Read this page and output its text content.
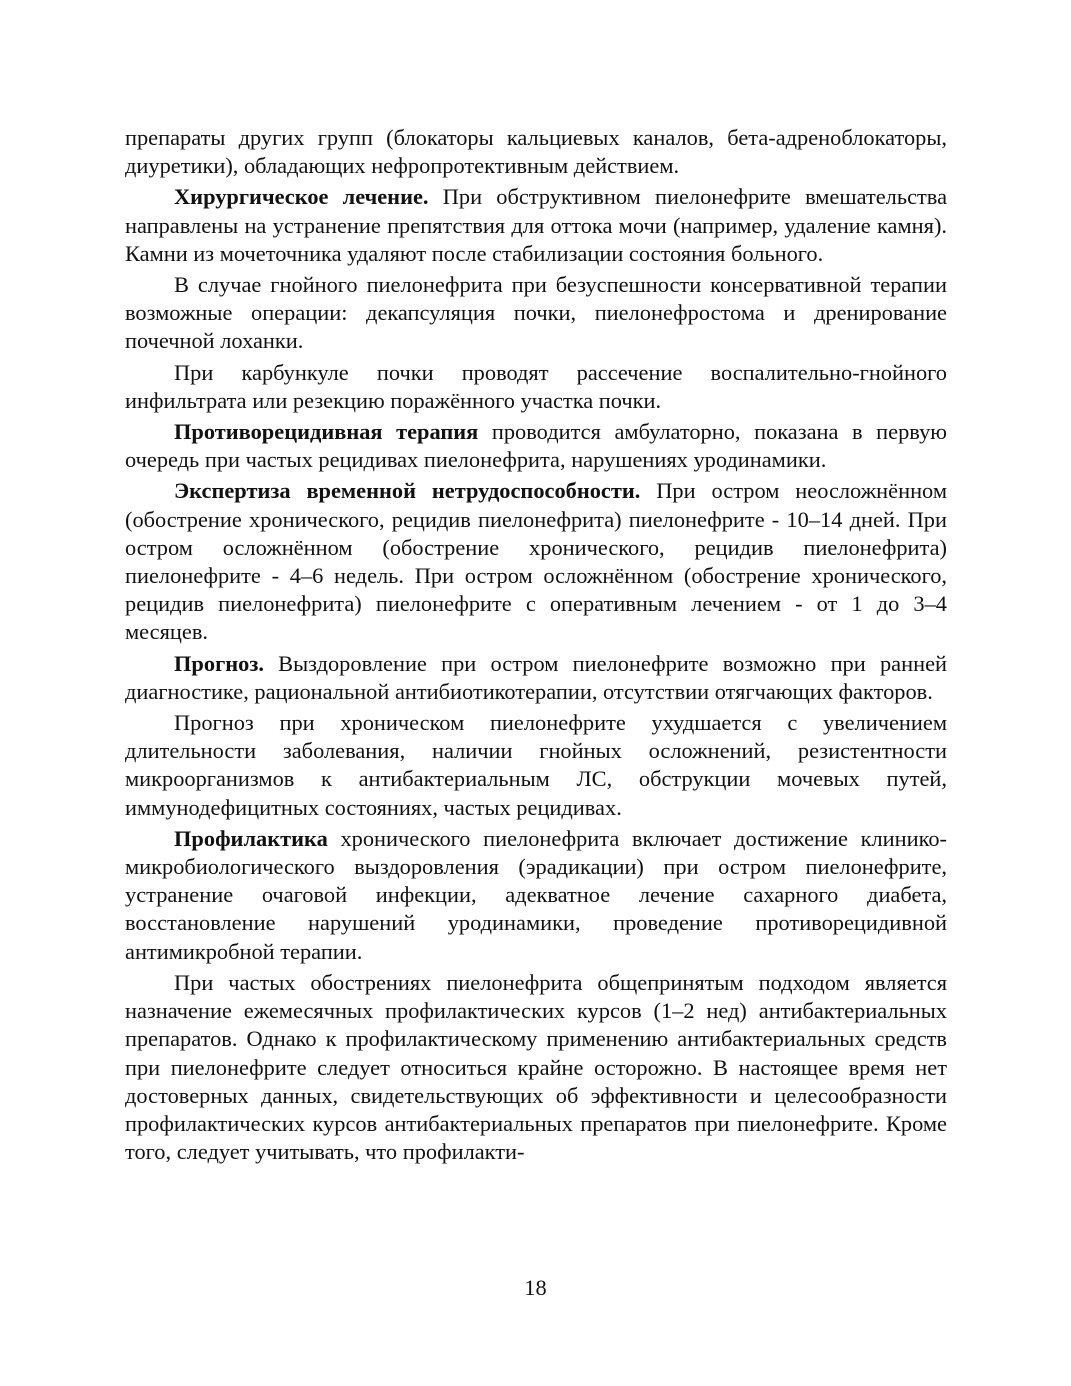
препараты других групп (блокаторы кальциевых каналов, бета-адреноблокаторы, диуретики), обладающих нефропротективным действием.

Хирургическое лечение. При обструктивном пиелонефрите вмешательства направлены на устранение препятствия для оттока мочи (например, удаление камня). Камни из мочеточника удаляют после стабилизации состояния больного.

В случае гнойного пиелонефрита при безуспешности консервативной терапии возможные операции: декапсуляция почки, пиелонефростома и дренирование почечной лоханки.

При карбункуле почки проводят рассечение воспалительно-гнойного инфильтрата или резекцию поражённого участка почки.

Противорецидивная терапия проводится амбулаторно, показана в первую очередь при частых рецидивах пиелонефрита, нарушениях уродинамики.

Экспертиза временной нетрудоспособности. При остром неосложнённом (обострение хронического, рецидив пиелонефрита) пиелонефрите - 10–14 дней. При остром осложнённом (обострение хронического, рецидив пиелонефрита) пиелонефрите - 4–6 недель. При остром осложнённом (обострение хронического, рецидив пиелонефрита) пиелонефрите с оперативным лечением - от 1 до 3–4 месяцев.

Прогноз. Выздоровление при остром пиелонефрите возможно при ранней диагностике, рациональной антибиотикотерапии, отсутствии отягчающих факторов.

Прогноз при хроническом пиелонефрите ухудшается с увеличением длительности заболевания, наличии гнойных осложнений, резистентности микроорганизмов к антибактериальным ЛС, обструкции мочевых путей, иммунодефицитных состояниях, частых рецидивах.

Профилактика хронического пиелонефрита включает достижение клинико-микробиологического выздоровления (эрадикации) при остром пиелонефрите, устранение очаговой инфекции, адекватное лечение сахарного диабета, восстановление нарушений уродинамики, проведение противорецидивной антимикробной терапии.

При частых обострениях пиелонефрита общепринятым подходом является назначение ежемесячных профилактических курсов (1–2 нед) антибактериальных препаратов. Однако к профилактическому применению антибактериальных средств при пиелонефрите следует относиться крайне осторожно. В настоящее время нет достоверных данных, свидетельствующих об эффективности и целесообразности профилактических курсов антибактериальных препаратов при пиелонефрите. Кроме того, следует учитывать, что профилакти-

18
